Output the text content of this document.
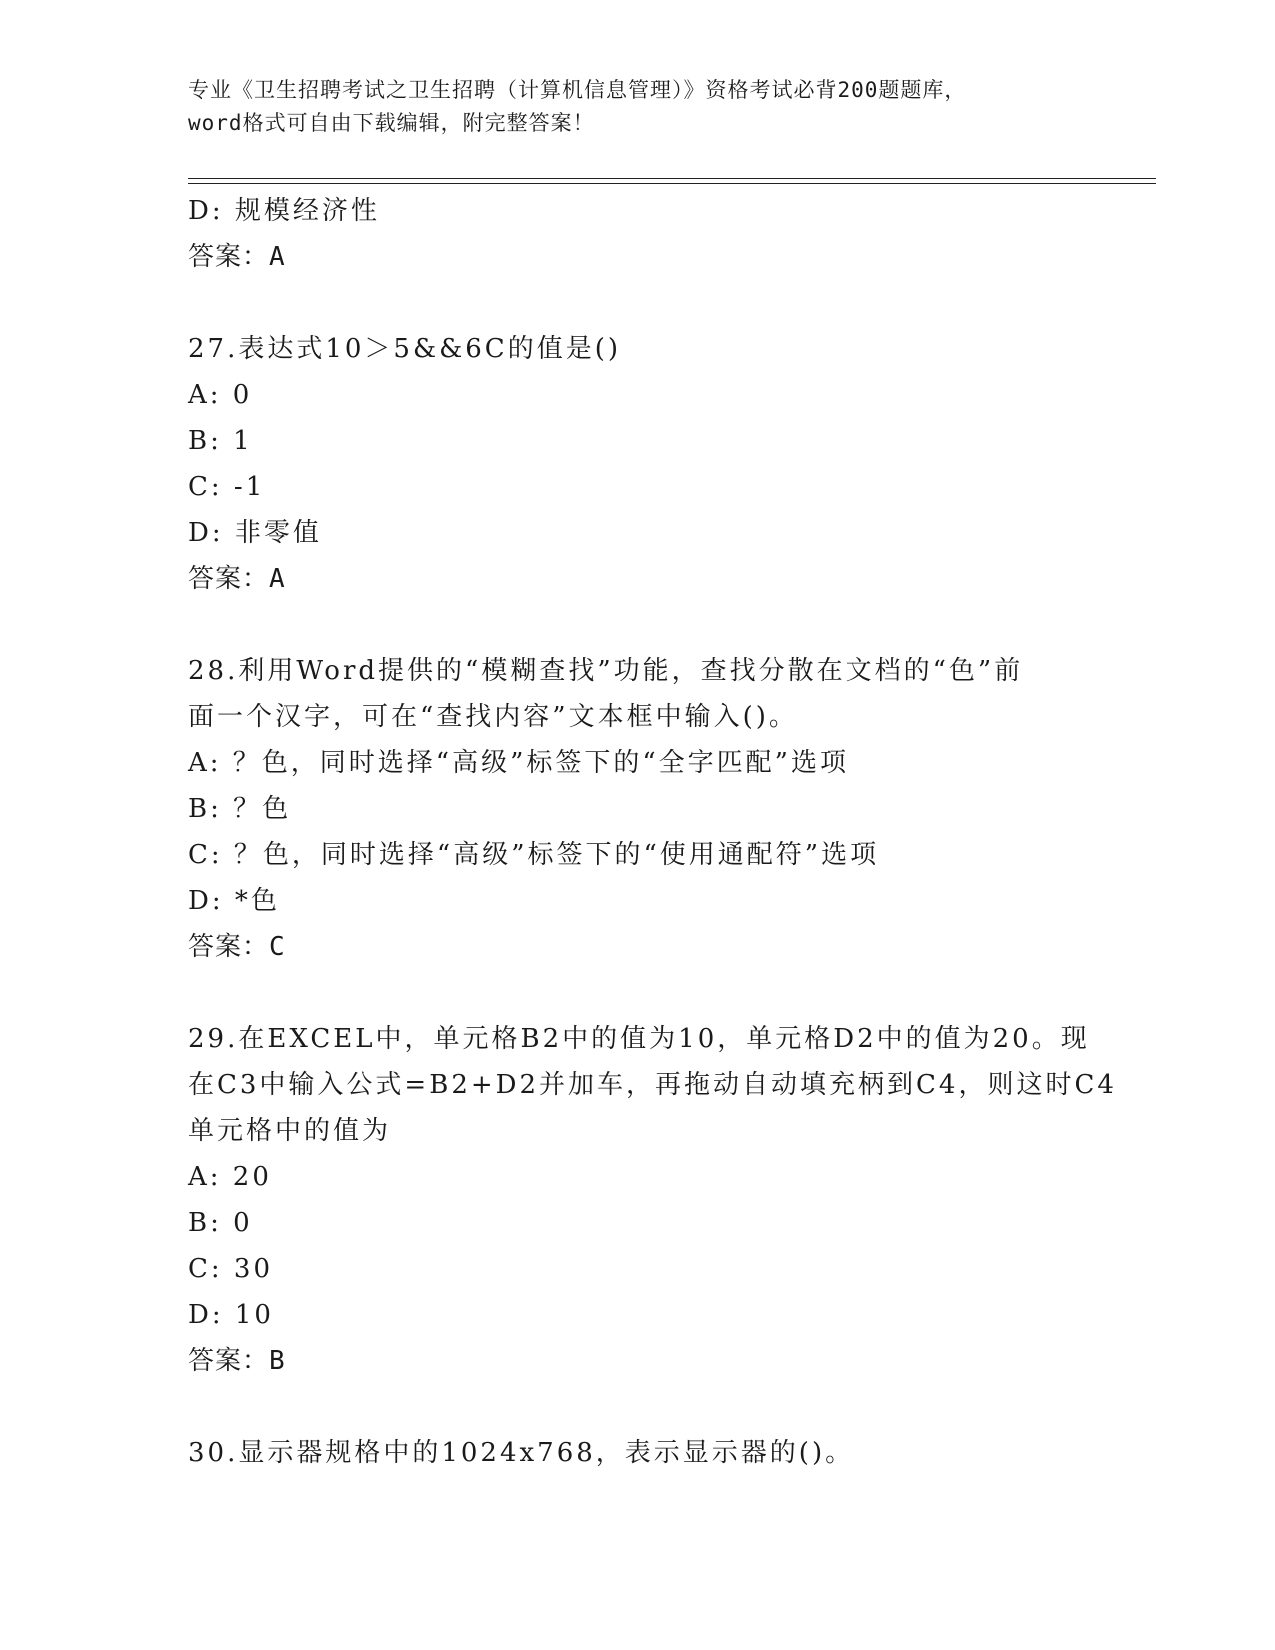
专业《卫生招聘考试之卫生招聘（计算机信息管理）》资格考试必背200题题库，
word格式可自由下载编辑，附完整答案！
D: 规模经济性
答案：A
27.表达式10＞5&&6C的值是()
A: 0
B: 1
C: -1
D: 非零值
答案：A
28.利用Word提供的“模糊查找”功能，查找分散在文档的“色”前
面一个汉字，可在“查找内容”文本框中输入()。
A: ？色，同时选择“高级”标签下的“全字匹配”选项
B: ？色
C: ？色，同时选择“高级”标签下的“使用通配符”选项
D: *色
答案：C
29.在EXCEL中，单元格B2中的值为10，单元格D2中的值为20。现
在C3中输入公式=B2+D2并加车，再拖动自动填充柄到C4，则这时C4
单元格中的值为
A: 20
B: 0
C: 30
D: 10
答案：B
30.显示器规格中的1024x768，表示显示器的()。
